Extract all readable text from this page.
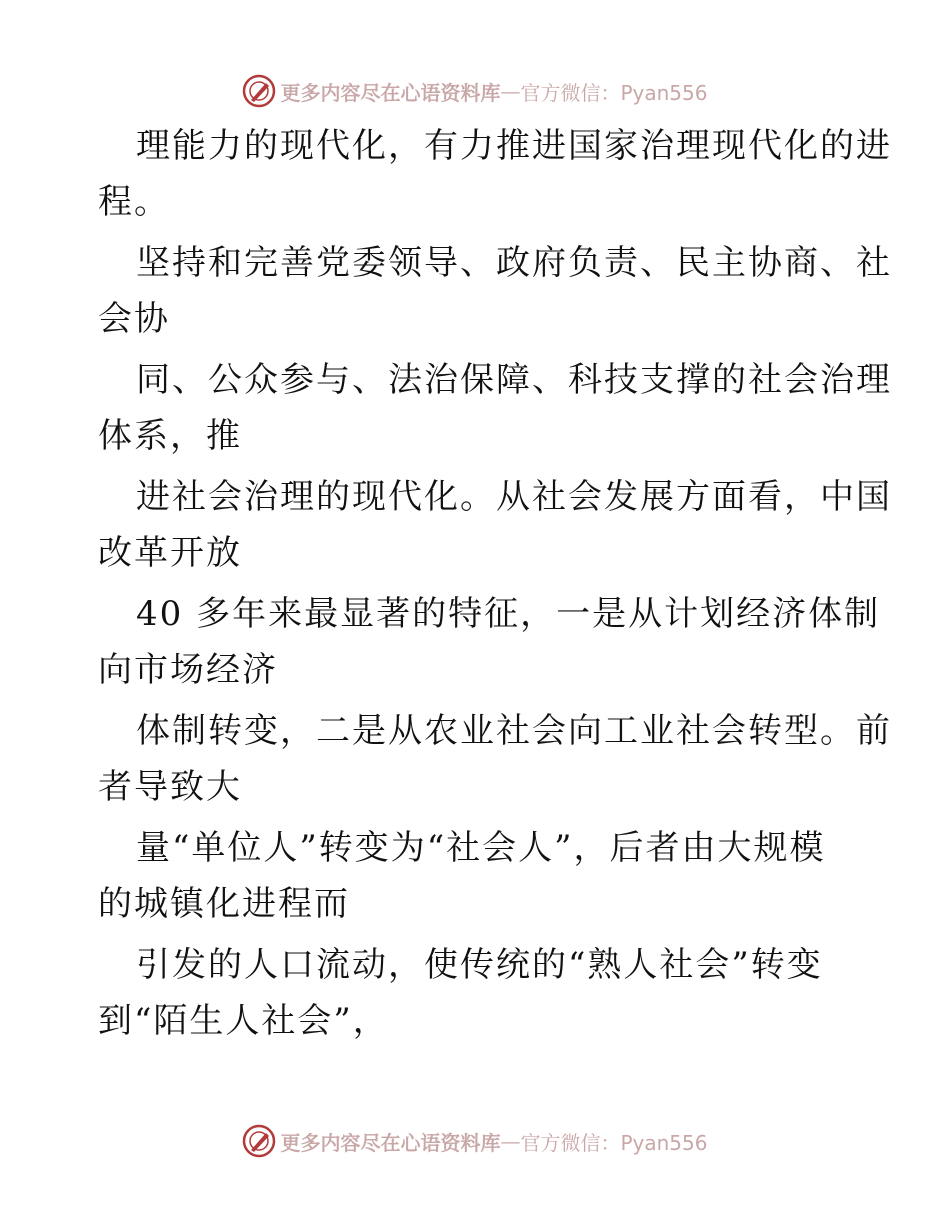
更多内容尽在心语资料库 — 官方微信：Pyan556
理能力的现代化，有力推进国家治理现代化的进
程。
坚持和完善党委领导、政府负责、民主协商、社
会协
同、公众参与、法治保障、科技支撑的社会治理
体系，推
进社会治理的现代化。从社会发展方面看，中国
改革开放
40 多年来最显著的特征，一是从计划经济体制
向市场经济
体制转变，二是从农业社会向工业社会转型。前
者导致大
量“单位人”转变为“社会人”，后者由大规模
的城镇化进程而
引发的人口流动，使传统的“熟人社会”转变
到“陌生人社会”，
更多内容尽在心语资料库 — 官方微信：Pyan556
